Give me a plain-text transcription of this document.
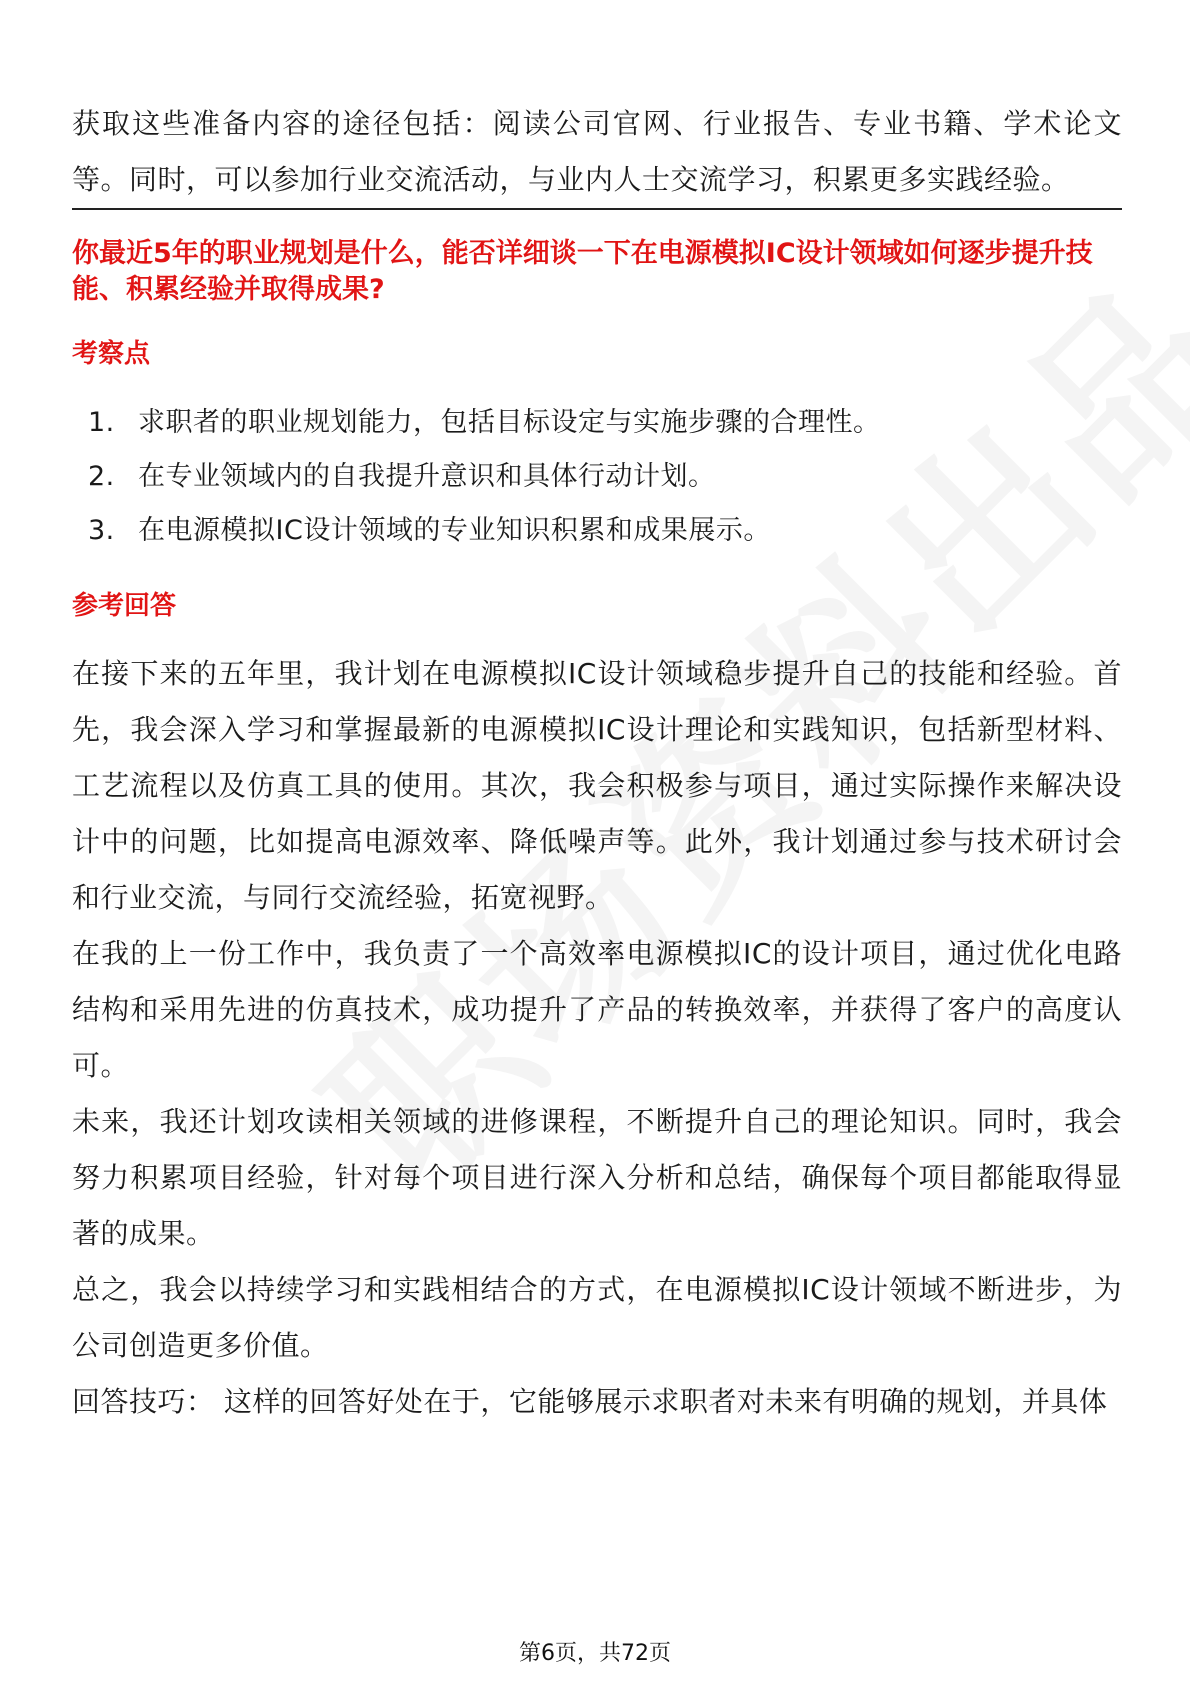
获取这些准备内容的途径包括：阅读公司官网、行业报告、专业书籍、学术论文等。同时，可以参加行业交流活动，与业内人士交流学习，积累更多实践经验。

你最近5年的职业规划是什么，能否详细谈一下在电源模拟IC设计领域如何逐步提升技能、积累经验并取得成果?

考察点
1. 求职者的职业规划能力，包括目标设定与实施步骤的合理性。
2. 在专业领域内的自我提升意识和具体行动计划。
3. 在电源模拟IC设计领域的专业知识积累和成果展示。
参考回答

在接下来的五年里，我计划在电源模拟IC设计领域稳步提升自己的技能和经验。首先，我会深入学习和掌握最新的电源模拟IC设计理论和实践知识，包括新型材料、工艺流程以及仿真工具的使用。其次，我会积极参与项目，通过实际操作来解决设计中的问题，比如提高电源效率、降低噪声等。此外，我计划通过参与技术研讨会和行业交流，与同行交流经验，拓宽视野。

在我的上一份工作中，我负责了一个高效率电源模拟IC的设计项目，通过优化电路结构和采用先进的仿真技术，成功提升了产品的转换效率，并获得了客户的高度认可。

未来，我还计划攻读相关领域的进修课程，不断提升自己的理论知识。同时，我会努力积累项目经验，针对每个项目进行深入分析和总结，确保每个项目都能取得显著的成果。

总之，我会以持续学习和实践相结合的方式，在电源模拟IC设计领域不断进步，为公司创造更多价值。

回答技巧： 这样的回答好处在于，它能够展示求职者对未来有明确的规划，并具体

第6页，共72页
